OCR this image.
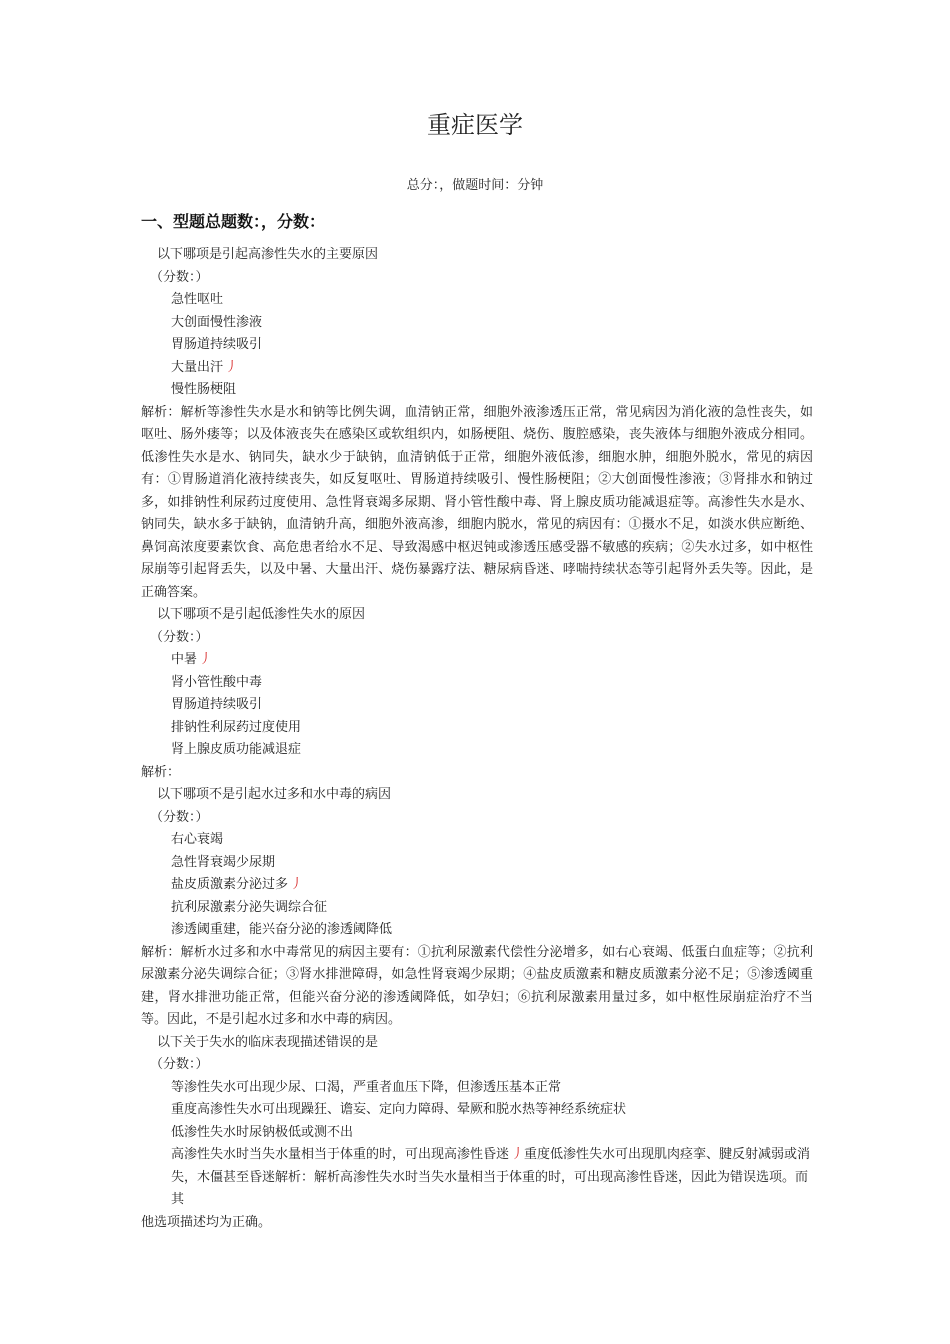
重症医学
总分：，做题时间：分钟
一、型题总题数：，分数：
以下哪项是引起高渗性失水的主要原因
（分数：）
急性呕吐
大创面慢性渗液
胃肠道持续吸引
大量出汗 丿
慢性肠梗阻
解析：解析等渗性失水是水和钠等比例失调，血清钠正常，细胞外液渗透压正常，常见病因为消化液的急性丧失，如呕吐、肠外瘘等；以及体液丧失在感染区或软组织内，如肠梗阻、烧伤、腹腔感染，丧失液体与细胞外液成分相同。低渗性失水是水、钠同失，缺水少于缺钠，血清钠低于正常，细胞外液低渗，细胞水肿，细胞外脱水，常见的病因有：①胃肠道消化液持续丧失，如反复呕吐、胃肠道持续吸引、慢性肠梗阻；②大创面慢性渗液；③肾排水和钠过多，如排钠性利尿药过度使用、急性肾衰竭多尿期、肾小管性酸中毒、肾上腺皮质功能减退症等。高渗性失水是水、钠同失，缺水多于缺钠，血清钠升高，细胞外液高渗，细胞内脱水，常见的病因有：①摄水不足，如淡水供应断绝、鼻饲高浓度要素饮食、高危患者给水不足、导致渴感中枢迟钝或渗透压感受器不敏感的疾病；②失水过多，如中枢性尿崩等引起肾丢失，以及中暑、大量出汗、烧伤暴露疗法、糖尿病昏迷、哮喘持续状态等引起肾外丢失等。因此，是正确答案。
以下哪项不是引起低渗性失水的原因
（分数：）
中暑 丿
肾小管性酸中毒
胃肠道持续吸引
排钠性利尿药过度使用
肾上腺皮质功能减退症
解析：
以下哪项不是引起水过多和水中毒的病因
（分数：）
右心衰竭
急性肾衰竭少尿期
盐皮质激素分泌过多 丿
抗利尿激素分泌失调综合征
渗透阈重建，能兴奋分泌的渗透阈降低
解析：解析水过多和水中毒常见的病因主要有：①抗利尿激素代偿性分泌增多，如右心衰竭、低蛋白血症等；②抗利尿激素分泌失调综合征；③肾水排泄障碍，如急性肾衰竭少尿期；④盐皮质激素和糖皮质激素分泌不足；⑤渗透阈重建，肾水排泄功能正常，但能兴奋分泌的渗透阈降低，如孕妇；⑥抗利尿激素用量过多，如中枢性尿崩症治疗不当等。因此，不是引起水过多和水中毒的病因。
以下关于失水的临床表现描述错误的是
（分数：）
等渗性失水可出现少尿、口渴，严重者血压下降，但渗透压基本正常
重度高渗性失水可出现躁狂、谵妄、定向力障碍、晕厥和脱水热等神经系统症状
低渗性失水时尿钠极低或测不出
高渗性失水时当失水量相当于体重的时，可出现高渗性昏迷 丿重度低渗性失水可出现肌肉痉挛、腱反射减弱或消失，木僵甚至昏迷解析：解析高渗性失水时当失水量相当于体重的时，可出现高渗性昏迷，因此为错误选项。而其
他选项描述均为正确。
